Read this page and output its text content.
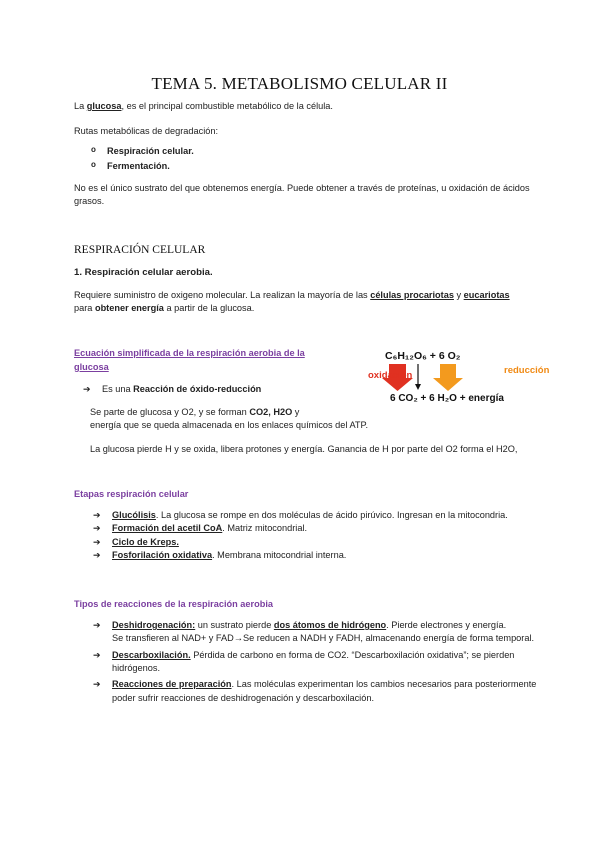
TEMA 5. METABOLISMO CELULAR II

La glucosa, es el principal combustible metabólico de la célula.

Rutas metabólicas de degradación:

o Respiración celular.
o Fermentación.

No es el único sustrato del que obtenemos energía. Puede obtener a través de proteínas, u oxidación de ácidos grasos.

RESPIRACIÓN CELULAR
1. Respiración celular aerobia.

Requiere suministro de oxigeno molecular. La realizan la mayoría de las células procariotas y eucariotas
para obtener energía a partir de la glucosa.

Ecuación simplificada de la respiración aerobia de la glucosa

➔ Es una Reacción de óxido-reducción

Se parte de glucosa y O2, y se forman CO2, H2O y

energía que se queda almacenada en los enlaces químicos del ATP.

La glucosa pierde H y se oxida, libera protones y energía. Ganancia de H por parte del O2 forma el H2O,

C₆H₁₂O₆ + 6 O₂
oxidación	reducción
6 CO₂ + 6 H₂O + energía

Etapas respiración celular

➔ Glucólisis. La glucosa se rompe en dos moléculas de ácido pirúvico. Ingresan en la mitocondria.
➔ Formación del acetil CoA. Matriz mitocondrial.
➔ Ciclo de Kreps.
➔ Fosforilación oxidativa. Membrana mitocondrial interna.

Tipos de reacciones de la respiración aerobia

➔ Deshidrogenación: un sustrato pierde dos átomos de hidrógeno. Pierde electrones y energía.
Se transfieren al NAD+ y FAD→Se reducen a NADH y FADH, almacenando energía de forma temporal.
➔ Descarboxilación. Pérdida de carbono en forma de CO2. “Descarboxilación oxidativa”; se pierden hidrógenos.
➔ Reacciones de preparación. Las moléculas experimentan los cambios necesarios para posteriormente poder sufrir reacciones de deshidrogenación y descarboxilación.
